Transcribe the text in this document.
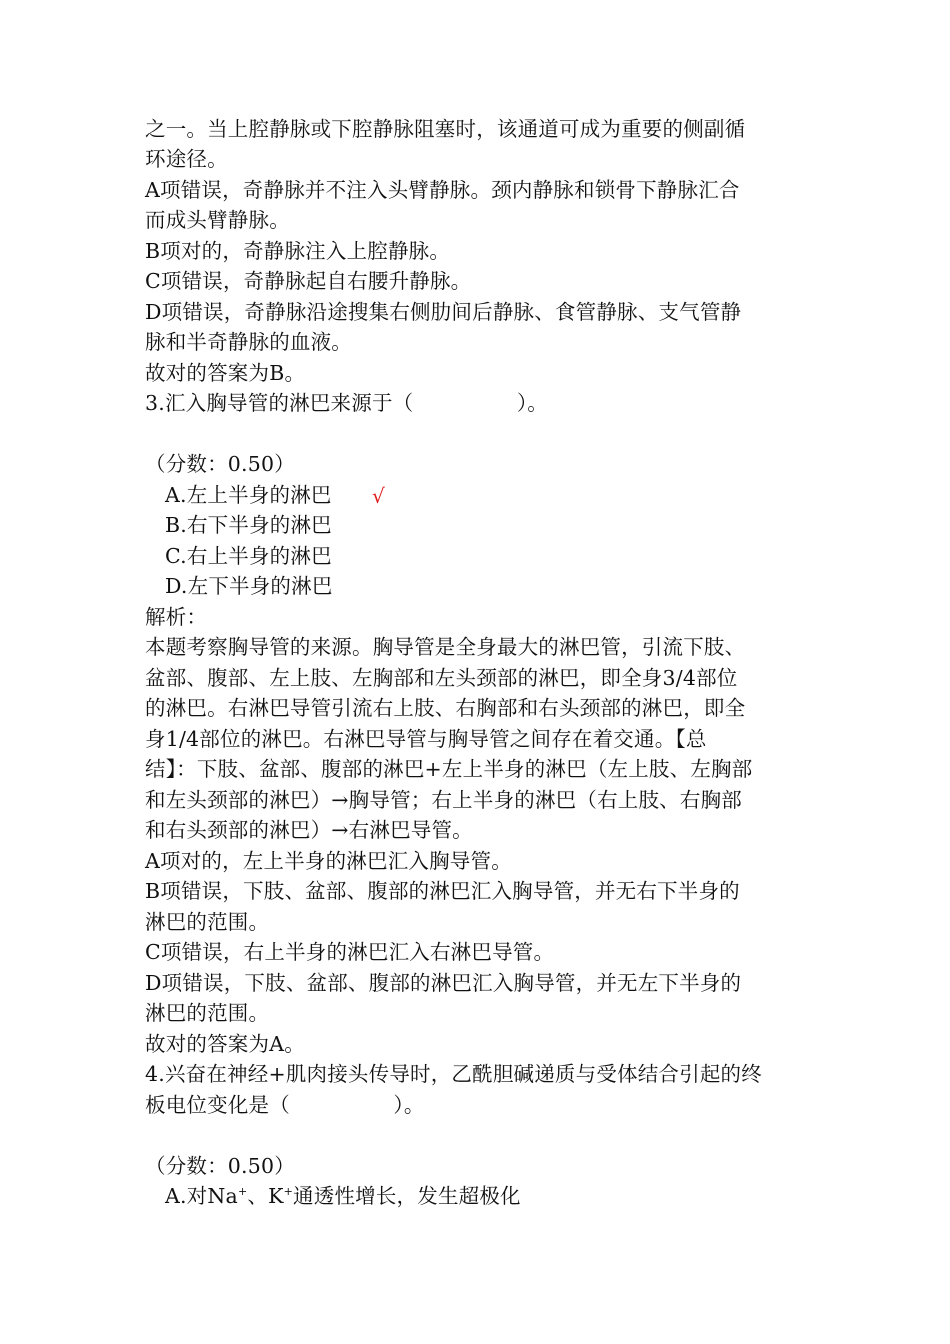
之一。当上腔静脉或下腔静脉阻塞时，该通道可成为重要的侧副循
环途径。
A项错误，奇静脉并不注入头臂静脉。颈内静脉和锁骨下静脉汇合
而成头臂静脉。
B项对的，奇静脉注入上腔静脉。
C项错误，奇静脉起自右腰升静脉。
D项错误，奇静脉沿途搜集右侧肋间后静脉、食管静脉、支气管静
脉和半奇静脉的血液。
故对的答案为B。
3.汇入胸导管的淋巴来源于（　　　　　）。
（分数：0.50）
A.左上半身的淋巴 √
B.右下半身的淋巴
C.右上半身的淋巴
D.左下半身的淋巴
解析：
本题考察胸导管的来源。胸导管是全身最大的淋巴管，引流下肢、
盆部、腹部、左上肢、左胸部和左头颈部的淋巴，即全身3/4部位
的淋巴。右淋巴导管引流右上肢、右胸部和右头颈部的淋巴，即全
身1/4部位的淋巴。右淋巴导管与胸导管之间存在着交通。【总
结】：下肢、盆部、腹部的淋巴+左上半身的淋巴（左上肢、左胸部
和左头颈部的淋巴）→胸导管；右上半身的淋巴（右上肢、右胸部
和右头颈部的淋巴）→右淋巴导管。
A项对的，左上半身的淋巴汇入胸导管。
B项错误，下肢、盆部、腹部的淋巴汇入胸导管，并无右下半身的
淋巴的范围。
C项错误，右上半身的淋巴汇入右淋巴导管。
D项错误，下肢、盆部、腹部的淋巴汇入胸导管，并无左下半身的
淋巴的范围。
故对的答案为A。
4.兴奋在神经+肌肉接头传导时，乙酰胆碱递质与受体结合引起的终
板电位变化是（　　　　　）。
（分数：0.50）
A.对Na+、K+通透性增长，发生超极化
